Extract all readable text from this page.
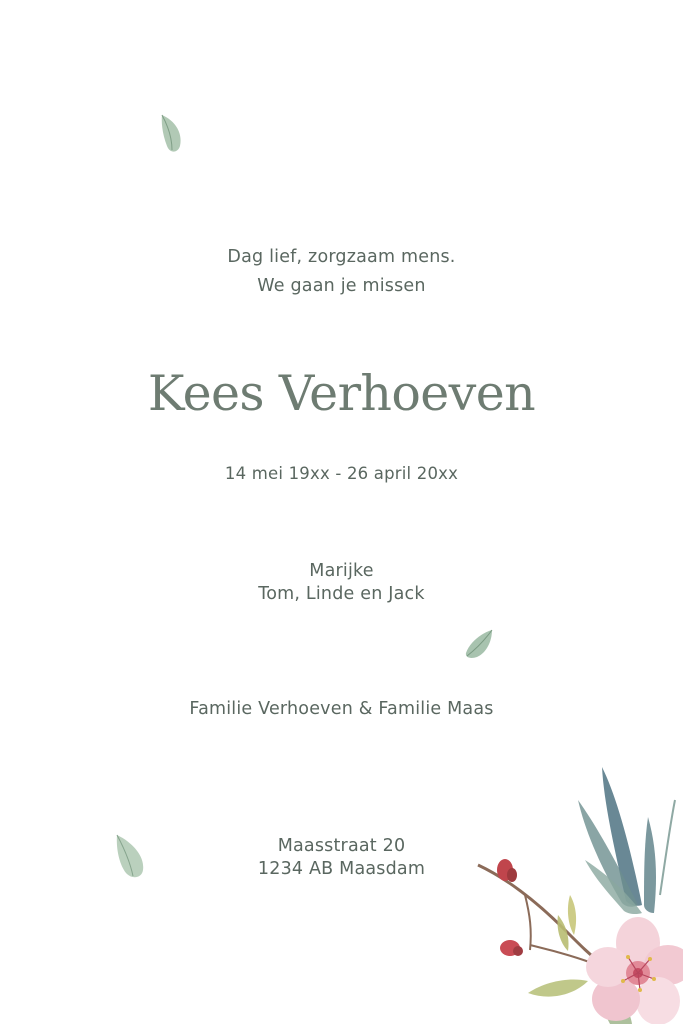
Dag lief, zorgzaam mens.
We gaan je missen
Kees Verhoeven
14 mei 19xx - 26 april 20xx
Marijke
Tom, Linde en Jack
Familie Verhoeven & Familie Maas
Maasstraat 20
1234 AB Maasdam
